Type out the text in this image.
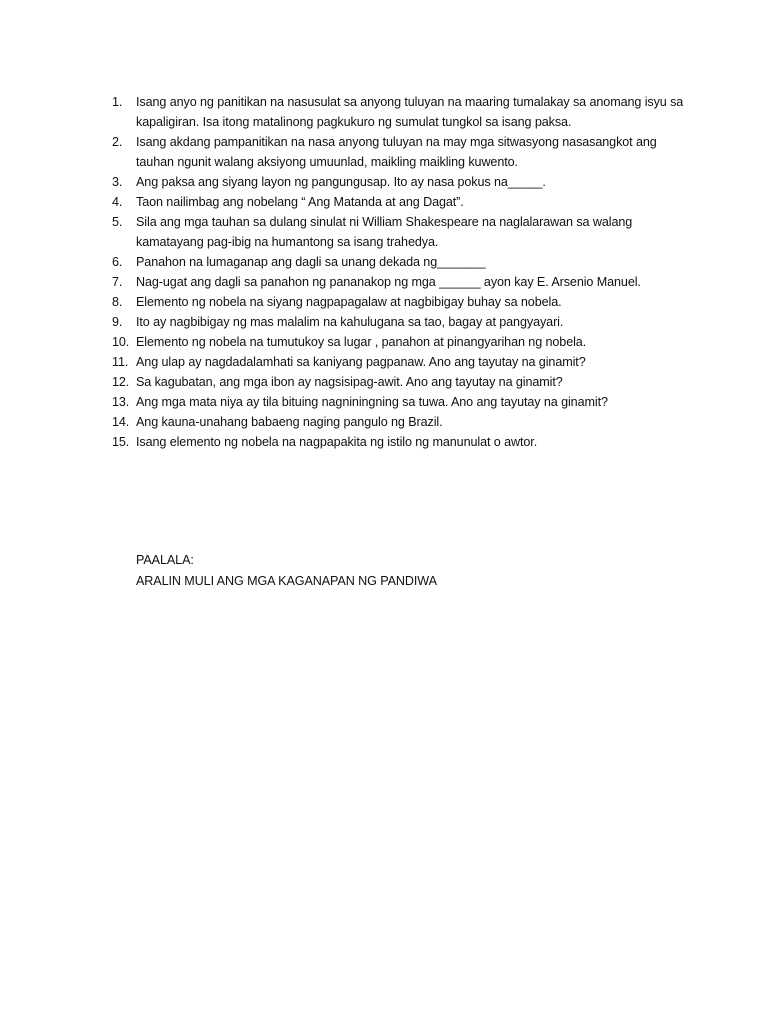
1.	Isang anyo ng panitikan na nasusulat sa anyong tuluyan na maaring tumalakay sa anomang isyu sa kapaligiran. Isa itong matalinong pagkukuro ng sumulat tungkol sa isang paksa.
2.	Isang akdang pampanitikan na nasa anyong tuluyan na may mga sitwasyong nasasangkot ang tauhan ngunit walang aksiyong umuunlad, maikling maikling kuwento.
3.	Ang paksa ang siyang layon ng pangungusap. Ito ay nasa pokus na_____.
4.	Taon nailimbag ang nobelang “ Ang Matanda at ang Dagat”.
5.	Sila ang mga tauhan sa dulang sinulat ni William Shakespeare na naglalarawan sa walang kamatayang pag-ibig na humantong sa isang trahedya.
6.	Panahon na lumaganap ang dagli sa unang dekada ng_______
7.	Nag-ugat ang dagli sa panahon ng pananakop ng mga ______ ayon kay E. Arsenio Manuel.
8.	Elemento ng nobela na siyang nagpapagalaw at nagbibigay buhay sa nobela.
9.	Ito ay nagbibigay ng mas malalim na kahulugana sa tao, bagay at pangyayari.
10. Elemento ng nobela na tumutukoy sa lugar , panahon at pinangyarihan ng nobela.
11. Ang ulap ay nagdadalamhati sa kaniyang pagpanaw. Ano ang tayutay na ginamit?
12. Sa kagubatan, ang mga ibon ay nagsisipag-awit. Ano ang tayutay na ginamit?
13. Ang mga mata niya ay tila bituing nagniningning sa tuwa. Ano ang tayutay na ginamit?
14. Ang kauna-unahang babaeng naging pangulo ng Brazil.
15. Isang elemento ng nobela na nagpapakita ng istilo ng manunulat o awtor.
PAALALA:
ARALIN MULI ANG MGA KAGANAPAN NG PANDIWA
